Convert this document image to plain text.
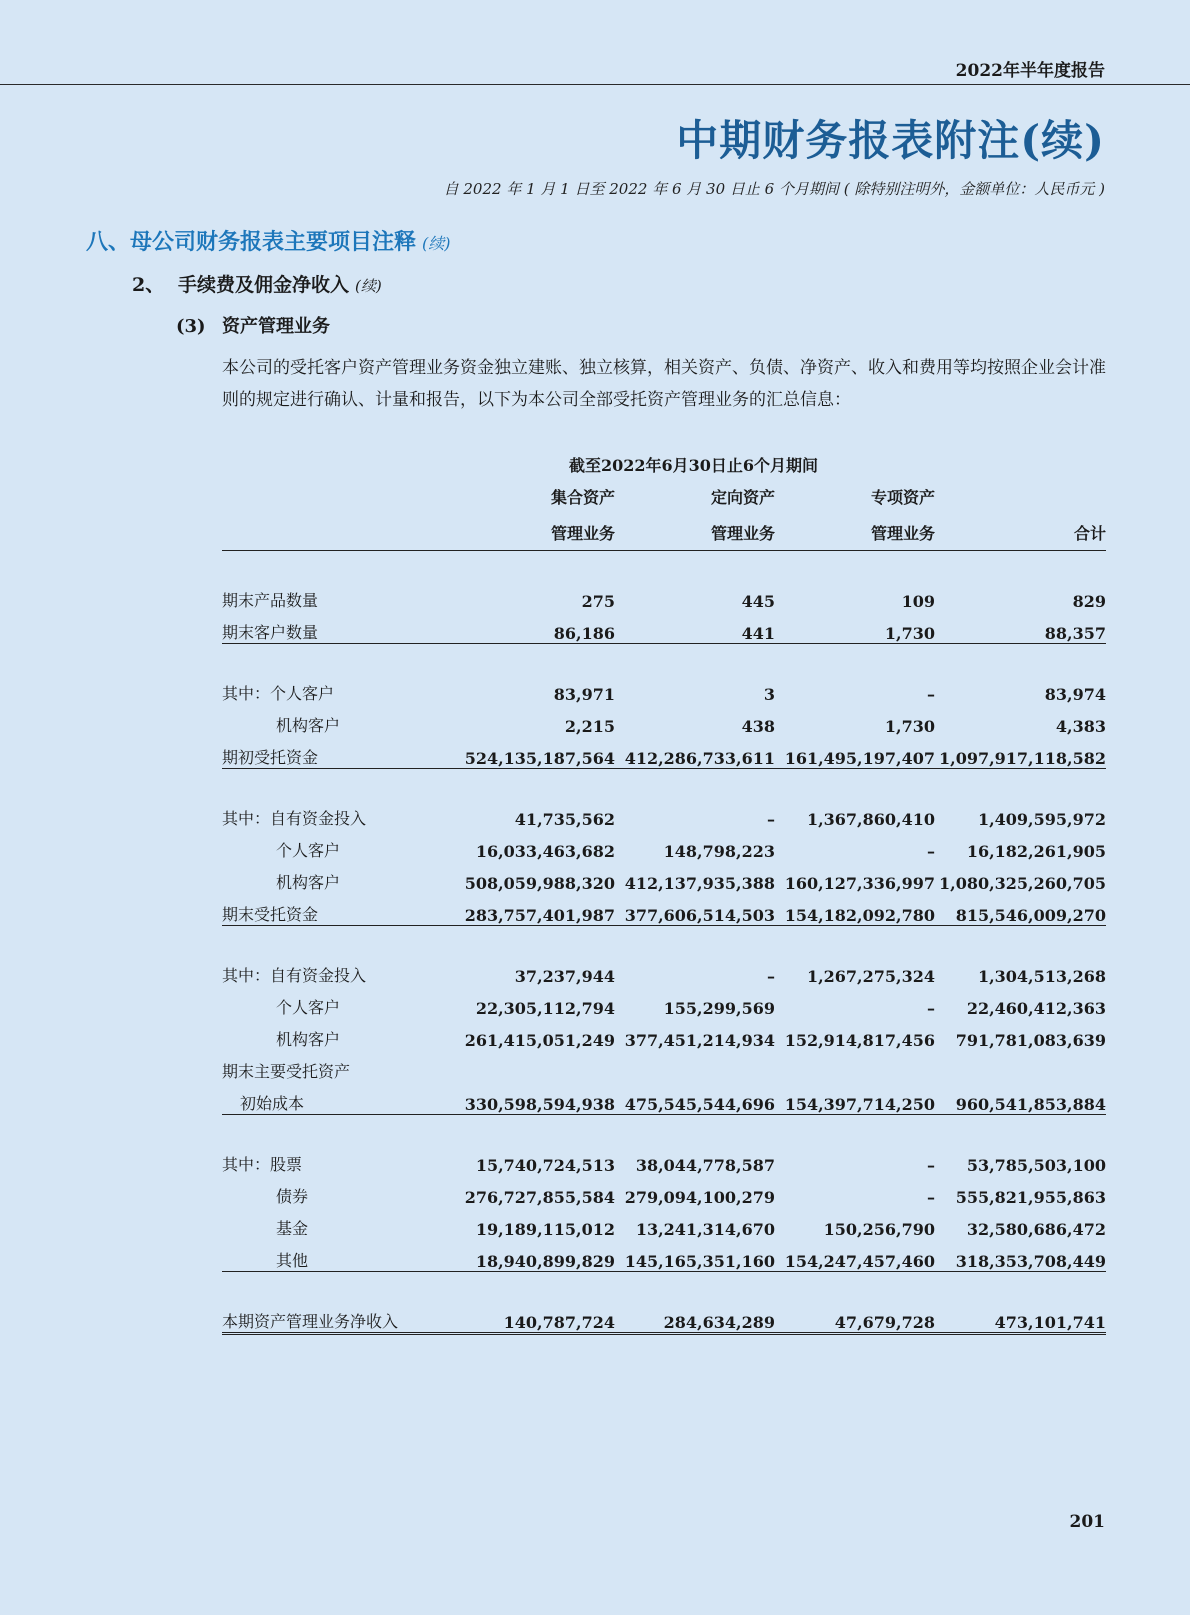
2022年半年度报告
中期财务报表附注(续)
自 2022 年 1 月 1 日至 2022 年 6 月 30 日止 6 个月期间 ( 除特别注明外，金额单位：人民币元 )
八、母公司财务报表主要项目注释 (续)
2、 手续费及佣金净收入 (续)
(3) 资产管理业务
本公司的受托客户资产管理业务资金独立建账、独立核算，相关资产、负债、净资产、收入和费用等均按照企业会计准则的规定进行确认、计量和报告，以下为本公司全部受托资产管理业务的汇总信息：
	截至2022年6月30日止6个月期间			
	集合资产	定向资产	专项资产	
	管理业务	管理业务	管理业务	合计

期末产品数量	275	445	109	829
期末客户数量	86,186	441	1,730	88,357

其中：个人客户	83,971	3	–	83,974
机构客户	2,215	438	1,730	4,383
期初受托资金	524,135,187,564	412,286,733,611	161,495,197,407	1,097,917,118,582

其中：自有资金投入	41,735,562	–	1,367,860,410	1,409,595,972
个人客户	16,033,463,682	148,798,223	–	16,182,261,905
机构客户	508,059,988,320	412,137,935,388	160,127,336,997	1,080,325,260,705
期末受托资金	283,757,401,987	377,606,514,503	154,182,092,780	815,546,009,270

其中：自有资金投入	37,237,944	–	1,267,275,324	1,304,513,268
个人客户	22,305,112,794	155,299,569	–	22,460,412,363
机构客户	261,415,051,249	377,451,214,934	152,914,817,456	791,781,083,639
期末主要受托资产				
初始成本	330,598,594,938	475,545,544,696	154,397,714,250	960,541,853,884

其中：股票	15,740,724,513	38,044,778,587	–	53,785,503,100
债券	276,727,855,584	279,094,100,279	–	555,821,955,863
基金	19,189,115,012	13,241,314,670	150,256,790	32,580,686,472
其他	18,940,899,829	145,165,351,160	154,247,457,460	318,353,708,449

本期资产管理业务净收入	140,787,724	284,634,289	47,679,728	473,101,741
201
